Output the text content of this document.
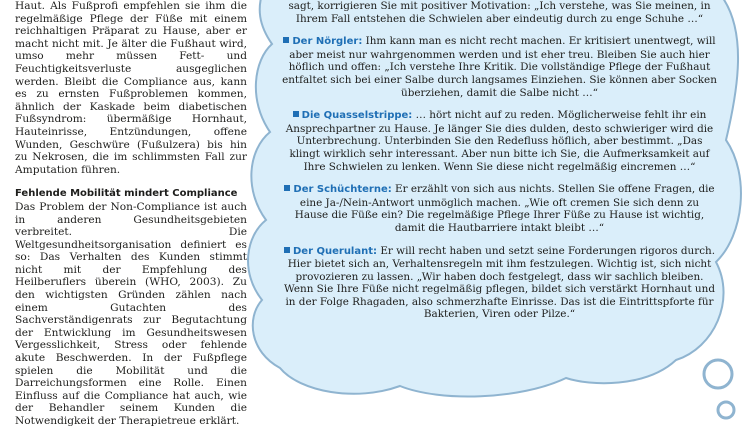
Haut. Als Fußprofi empfehlen sie ihm die regelmäßige Pflege der Füße mit einem reichhaltigen Präparat zu Hause, aber er macht nicht mit. Je älter die Fußhaut wird, umso mehr müssen Fett- und Feuchtigkeitsverluste ausgeglichen werden. Bleibt die Compliance aus, kann es zu ernsten Fußproblemen kommen, ähnlich der Kaskade beim diabetischen Fußsyndrom: übermäßige Hornhaut, Hauteinrisse, Entzündungen, offene Wunden, Geschwüre (Fußulzera) bis hin zu Nekrosen, die im schlimmsten Fall zur Amputation führen.

Fehlende Mobilität mindert Compliance

Das Problem der Non-Compliance ist auch in anderen Gesundheitsgebieten verbreitet. Die Weltgesundheitsorganisation definiert es so: Das Verhalten des Kunden stimmt nicht mit der Empfehlung des Heilberuflers überein (WHO, 2003). Zu den wichtigsten Gründen zählen nach einem Gutachten des Sachverständigenrats zur Begutachtung der Entwicklung im Gesundheitswesen Vergesslichkeit, Stress oder fehlende akute Beschwerden. In der Fußpflege spielen die Mobilität und die Darreichungsformen eine Rolle. Einen Einfluss auf die Compliance hat auch, wie der Behandler seinem Kunden die Notwendigkeit der Therapietreue erklärt.

sagt, korrigieren Sie mit positiver Motivation: „Ich verstehe, was Sie meinen, in Ihrem Fall entstehen die Schwielen aber eindeutig durch zu enge Schuhe …“

Der Nörgler: Ihm kann man es nicht recht machen. Er kritisiert unentwegt, will aber meist nur wahrgenommen werden und ist eher treu. Bleiben Sie auch hier höflich und offen: „Ich verstehe Ihre Kritik. Die vollständige Pflege der Fußhaut entfaltet sich bei einer Salbe durch langsames Einziehen. Sie können aber Socken überziehen, damit die Salbe nicht …“

Die Quasselstrippe: … hört nicht auf zu reden. Möglicherweise fehlt ihr ein Ansprechpartner zu Hause. Je länger Sie dies dulden, desto schwieriger wird die Unterbrechung. Unterbinden Sie den Redefluss höflich, aber bestimmt. „Das klingt wirklich sehr interessant. Aber nun bitte ich Sie, die Aufmerksamkeit auf Ihre Schwielen zu lenken. Wenn Sie diese nicht regelmäßig eincremen …“

Der Schüchterne: Er erzählt von sich aus nichts. Stellen Sie offene Fragen, die eine Ja-/Nein-Antwort unmöglich machen. „Wie oft cremen Sie sich denn zu Hause die Füße ein? Die regelmäßige Pflege Ihrer Füße zu Hause ist wichtig, damit die Hautbarriere intakt bleibt …“

Der Querulant: Er will recht haben und setzt seine Forderungen rigoros durch. Hier bietet sich an, Verhaltensregeln mit ihm festzulegen. Wichtig ist, sich nicht provozieren zu lassen. „Wir haben doch festgelegt, dass wir sachlich bleiben. Wenn Sie Ihre Füße nicht regelmäßig pflegen, bildet sich verstärkt Hornhaut und in der Folge Rhagaden, also schmerzhafte Einrisse. Das ist die Eintrittspforte für Bakterien, Viren oder Pilze.“
